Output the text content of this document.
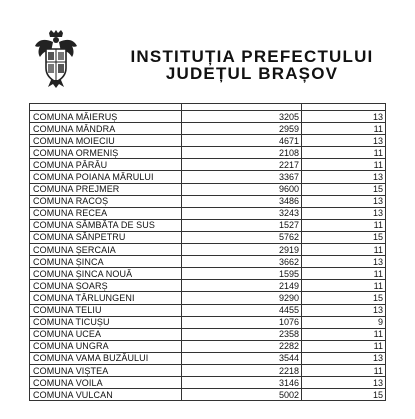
INSTITUȚIA PREFECTULUI
JUDEȚUL BRAȘOV

COMUNA MĂIERUȘ	3205	13
COMUNA MÂNDRA	2959	11
COMUNA MOIECIU	4671	13
COMUNA ORMENIȘ	2108	11
COMUNA PÂRÂU	2217	11
COMUNA POIANA MĂRULUI	3367	13
COMUNA PREJMER	9600	15
COMUNA RACOȘ	3486	13
COMUNA RECEA	3243	13
COMUNA SÂMBĂTA DE SUS	1527	11
COMUNA SÂNPETRU	5762	15
COMUNA ȘERCAIA	2919	11
COMUNA ȘINCA	3662	13
COMUNA ȘINCA NOUĂ	1595	11
COMUNA ȘOARȘ	2149	11
COMUNA TÂRLUNGENI	9290	15
COMUNA TELIU	4455	13
COMUNA TICUȘU	1076	9
COMUNA UCEA	2358	11
COMUNA UNGRA	2282	11
COMUNA VAMA BUZĂULUI	3544	13
COMUNA VIȘTEA	2218	11
COMUNA VOILA	3146	13
COMUNA VULCAN	5002	15
